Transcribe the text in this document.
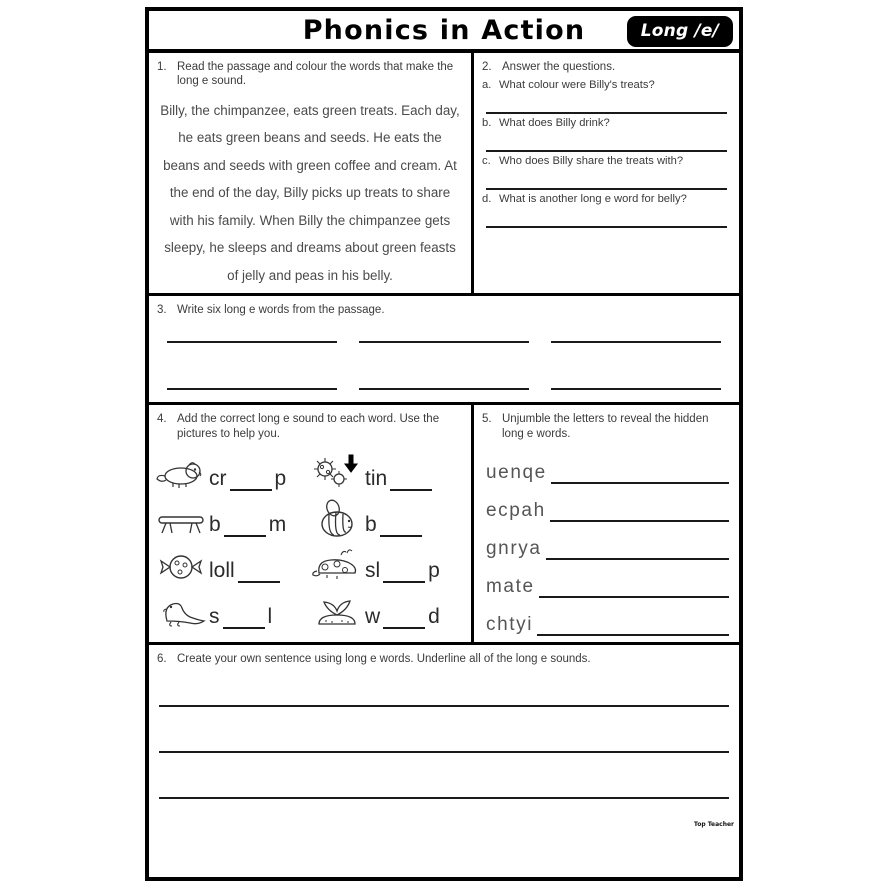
Phonics in Action	Long /e/
1. Read the passage and colour the words that make the long e sound.
Billy, the chimpanzee, eats green treats. Each day, he eats green beans and seeds. He eats the beans and seeds with green coffee and cream. At the end of the day, Billy picks up treats to share with his family. When Billy the chimpanzee gets sleepy, he sleeps and dreams about green feasts of jelly and peas in his belly.
2. Answer the questions.
a. What colour were Billy's treats?
b. What does Billy drink?
c. Who does Billy share the treats with?
d. What is another long e word for belly?
3. Write six long e words from the passage.
4. Add the correct long e sound to each word. Use the pictures to help you.
cr p	tin
b m	b
loll	sl p
s l	w d
5. Unjumble the letters to reveal the hidden long e words.
uenqe
ecpah
gnrya
mate
chtyi
6. Create your own sentence using long e words. Underline all of the long e sounds.
Top Teacher
